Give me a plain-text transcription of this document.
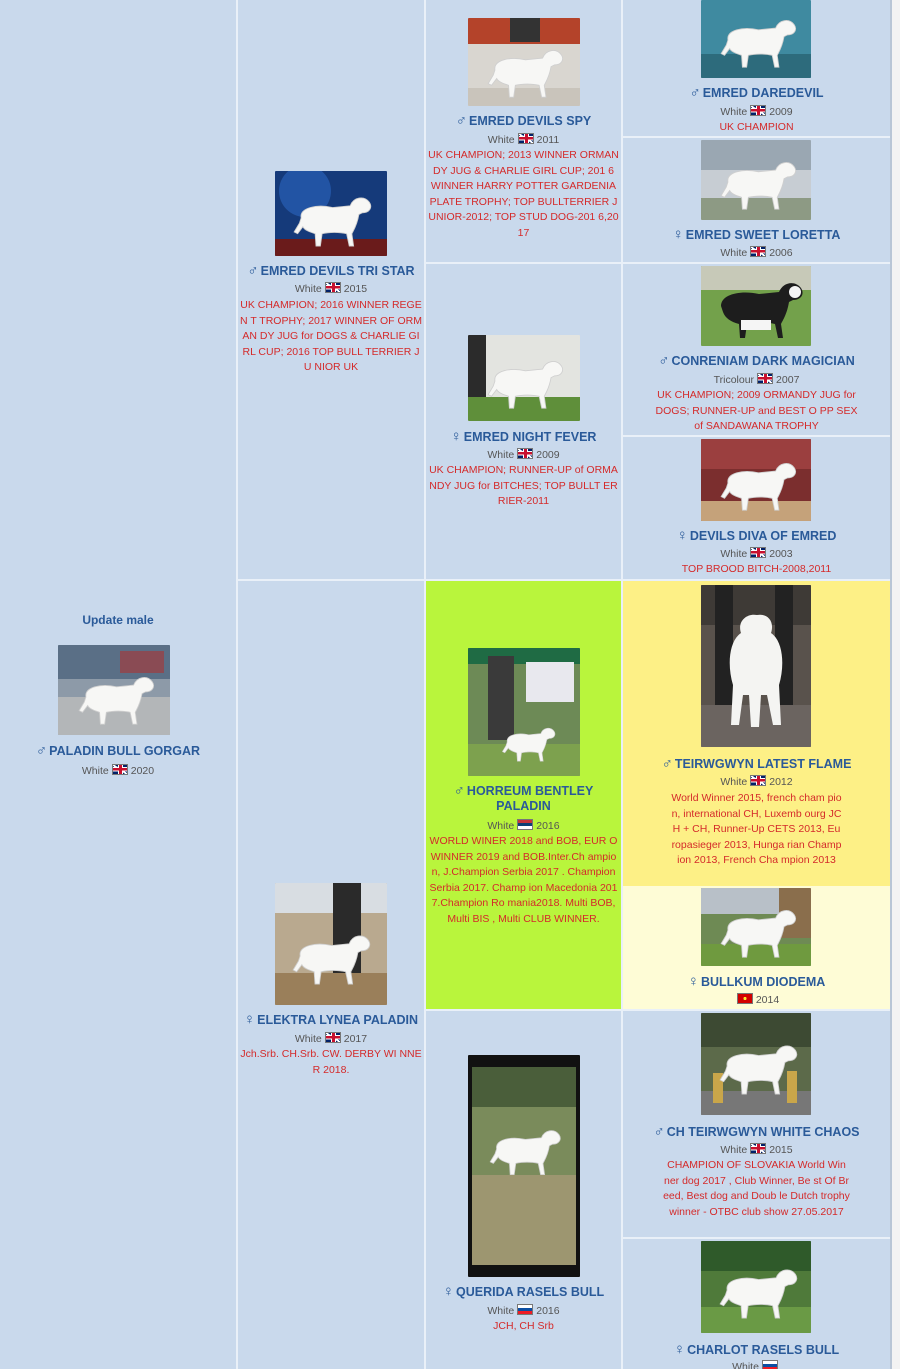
Update male
♂ PALADIN BULL GORGAR
White 2020
♂ EMRED DEVILS TRI STAR
White 2015
UK CHAMPION; 2016 WINNER REGEN T TROPHY; 2017 WINNER OF ORMAN DY JUG for DOGS & CHARLIE GIRL CUP; 2016 TOP BULL TERRIER JU NIOR UK
♀ ELEKTRA LYNEA PALADIN
White 2017
Jch.Srb. CH.Srb. CW. DERBY WI NNER 2018.
♂ EMRED DEVILS SPY
White 2011
UK CHAMPION; 2013 WINNER ORMAN DY JUG & CHARLIE GIRL CUP; 201 6 WINNER HARRY POTTER GARDENIA PLATE TROPHY; TOP BULLTERRIER JUNIOR-2012; TOP STUD DOG-201 6,2017
♀ EMRED NIGHT FEVER
White 2009
UK CHAMPION; RUNNER-UP of ORMA NDY JUG for BITCHES; TOP BULLT ERRIER-2011
♂ HORREUM BENTLEY PALADIN
White 2016
WORLD WINER 2018 and BOB, EUR O WINNER 2019 and BOB.Inter.Ch ampion, J.Champion Serbia 2017 . Champion Serbia 2017. Champ ion Macedonia 2017.Champion Ro mania2018. Multi BOB,Multi BIS , Multi CLUB WINNER.
♀ QUERIDA RASELS BULL
White 2016
JCH, CH Srb
♂ EMRED DAREDEVIL
White 2009
UK CHAMPION
♀ EMRED SWEET LORETTA
White 2006
♂ CONRENIAM DARK MAGICIAN
Tricolour 2007
UK CHAMPION; 2009 ORMANDY JUG for DOGS; RUNNER-UP and BEST O PP SEX of SANDAWANA TROPHY
♀ DEVILS DIVA OF EMRED
White 2003
TOP BROOD BITCH-2008,2011
♂ TEIRWGWYN LATEST FLAME
White 2012
World Winner 2015, french cham pion, international CH, Luxemb ourg JCH + CH, Runner-Up CETS 2013, Europasieger 2013, Hunga rian Champion 2013, French Cha mpion 2013
♀ BULLKUM DIODEMA
2014
♂ CH TEIRWGWYN WHITE CHAOS
White 2015
CHAMPION OF SLOVAKIA World Win ner dog 2017 , Club Winner, Be st Of Breed, Best dog and Doub le Dutch trophy winner - OTBC club show 27.05.2017
♀ CHARLOT RASELS BULL
White
